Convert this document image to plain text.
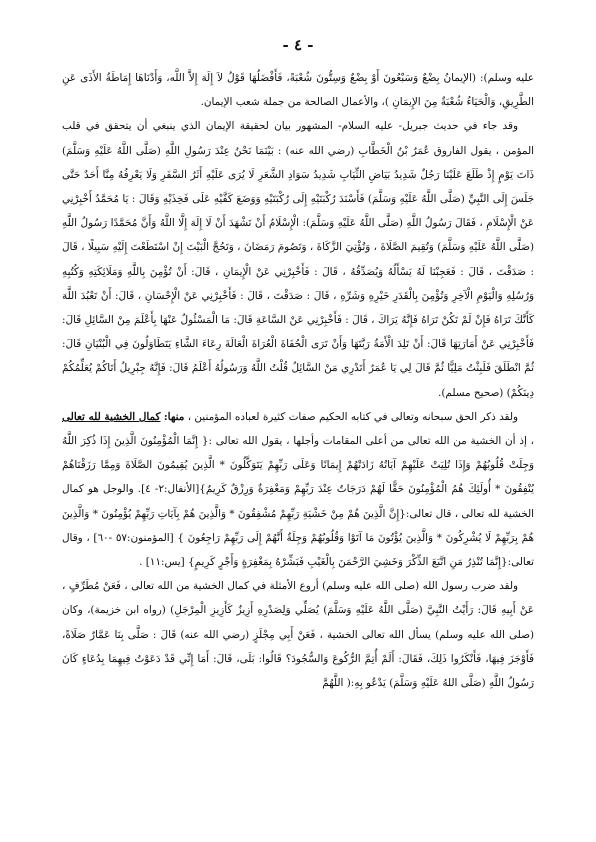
- ٤ -

عليه وسلم): (الإيمانُ بِضْعٌ وَسَبْعُونَ أَوْ بِضْعٌ وَسِتُّونَ شُعْبَةً، فَأَفْضَلُهَا قَوْلُ لاَ إِلَهَ إِلاَّ اللَّه، وَأَدْنَاهَا إِمَاطَةُ الأَذَى عَنِ الطَّرِيقِ، وَالْحَيَاءُ شُعْبَةٌ مِنَ الإِيمَانِ )، والأعمال الصالحة من جملة شعب الإيمان.

وقد جاء في حديث جبريل- عليه السلام- المشهور بيان لحقيقة الإيمان الذي ينبغي أن يتحقق في قلب المؤمن ، يقول الفاروق عُمَرُ بْنُ الْخَطَّابِ (رضي الله عنه) : بَيْنَمَا نَحْنُ عِنْدَ رَسُولِ اللَّهِ (صَلَّى اللَّهُ عَلَيْهِ وَسَلَّمَ) ذَاتَ يَوْمٍ إِذْ طَلَعَ عَلَيْنَا رَجُلٌ شَدِيدُ بَيَاضِ الثِّيَابِ شَدِيدُ سَوَادِ الشَّعَرِ لَا يُرَى عَلَيْهِ أَثَرُ السَّفَرِ وَلَا يَعْرِفُهُ مِنَّا أَحَدٌ حَتَّى جَلَسَ إِلَى النَّبِيِّ (صَلَّى اللَّهُ عَلَيْهِ وَسَلَّمَ) فَأَسْنَدَ رُكْبَتَيْهِ إِلَى رُكْبَتَيْهِ وَوَضَعَ كَفَّيْهِ عَلَى فَخِذَيْهِ وَقَالَ : يَا مُحَمَّدُ أَخْبِرْنِي عَنْ الْإِسْلَامِ ، فَقَالَ رَسُولُ اللَّهِ (صَلَّى اللَّهُ عَلَيْهِ وَسَلَّمَ): الْإِسْلَامُ أَنْ تَشْهَدَ أَنْ لَا إِلَهَ إِلَّا اللَّهُ وَأَنَّ مُحَمَّدًا رَسُولُ اللَّهِ (صَلَّى اللَّهُ عَلَيْهِ وَسَلَّمَ) وَتُقِيمَ الصَّلَاةَ ، وَتُؤْتِيَ الزَّكَاةَ ، وَتَصُومَ رَمَضَانَ ، وَتَحُجَّ الْبَيْتَ إِنْ اسْتَطَعْتَ إِلَيْهِ سَبِيلًا ، قَالَ : صَدَقْتَ ، قَالَ : فَعَجِبْنَا لَهُ يَسْأَلُهُ وَيُصَدِّقُهُ ، قَالَ : فَأَخْبِرْنِي عَنْ الْإِيمَانِ ، قَالَ: أَنْ تُؤْمِنَ بِاللَّهِ وَمَلَائِكَتِهِ وَكُتُبِهِ وَرُسُلِهِ وَالْيَوْمِ الْآخِرِ وَتُؤْمِنَ بِالْقَدَرِ خَيْرِهِ وَشَرِّهِ ، قَالَ : صَدَقْتَ ، قَالَ : فَأَخْبِرْنِي عَنْ الْإِحْسَانِ ، قَالَ: أَنْ تَعْبُدَ اللَّهَ كَأَنَّكَ تَرَاهُ فَإِنْ لَمْ تَكُنْ تَرَاهُ فَإِنَّهُ يَرَاكَ ، قَالَ : فَأَخْبِرْنِي عَنْ السَّاعَةِ قَالَ: مَا الْمَسْئُولُ عَنْهَا بِأَعْلَمَ مِنْ السَّائِلِ قَالَ: فَأَخْبِرْنِي عَنْ أَمَارَتِهَا قَالَ: أَنْ تَلِدَ الْأَمَةُ رَبَّتَهَا وَأَنْ تَرَى الْحُفَاةَ الْعُرَاةَ الْعَالَةَ رِعَاءَ الشَّاءِ يَتَطَاوَلُونَ فِي الْبُنْيَانِ قَالَ: ثُمَّ انْطَلَقَ فَلَبِثْتُ مَلِيًّا ثُمَّ قَالَ لِي يَا عُمَرُ أَتَدْرِي مَنْ السَّائِلُ قُلْتُ اللَّهُ وَرَسُولُهُ أَعْلَمُ قَالَ: فَإِنَّهُ جِبْرِيلُ أَتَاكُمْ يُعَلِّمُكُمْ دِينَكُمْ) (صحيح مسلم).

ولقد ذكر الحق سبحانه وتعالى في كتابه الحكيم صفات كثيرة لعباده المؤمنين ، منها: كمال الخشية لله تعالى ، إذ أن الخشية من الله تعالى من أعلى المقامات وأجلها ، يقول الله تعالى :{ إِنَّمَا الْمُؤْمِنُونَ الَّذِينَ إِذَا ذُكِرَ اللَّهُ وَجِلَتْ قُلُوبُهُمْ وَإِذَا تُلِيَتْ عَلَيْهِمْ آيَاتُهُ زَادَتْهُمْ إِيمَانًا وَعَلَى رَبِّهِمْ يَتَوَكَّلُونَ * الَّذِينَ يُقِيمُونَ الصَّلَاةَ وَمِمَّا رَزَقْنَاهُمْ يُنْفِقُونَ * أُولَئِكَ هُمُ الْمُؤْمِنُونَ حَقًّا لَهُمْ دَرَجَاتٌ عِنْدَ رَبِّهِمْ وَمَغْفِرَةٌ وَرِزْقٌ كَرِيمٌ}[الأنفال:٢- ٤]. والوجل هو كمال الخشية لله تعالى ، قال تعالى:{إِنَّ الَّذِينَ هُمْ مِنْ خَشْيَةِ رَبِّهِمْ مُشْفِقُونَ * وَالَّذِينَ هُمْ بِآيَاتِ رَبِّهِمْ يُؤْمِنُونَ * وَالَّذِينَ هُمْ بِرَبِّهِمْ لَا يُشْرِكُونَ * وَالَّذِينَ يُؤْتُونَ مَا آتَوْا وَقُلُوبُهُمْ وَجِلَةٌ أَنَّهُمْ إِلَى رَبِّهِمْ رَاجِعُونَ } [المؤمنون:٥٧ -٦٠] ، وقال تعالى:{إِنَّمَا تُنْذِرُ مَنِ اتَّبَعَ الذِّكْرَ وَخَشِيَ الرَّحْمَنَ بِالْغَيْبِ فَبَشِّرْهُ بِمَغْفِرَةٍ وَأَجْرٍ كَرِيمٍ} [يس:١١] .

ولقد ضرب رسول الله (صلى الله عليه وسلم) أروع الأمثلة في كمال الخشية من الله تعالى ، فَعَنْ مُطَرِّفٍ ، عَنْ أَبِيهِ قَالَ: رَأَيْتُ النَّبِيَّ (صَلَّى اللَّهُ عَلَيْهِ وَسَلَّمَ) يُصَلِّي وَلِصَدْرِهِ أَزِيزٌ كَأَزِيزِ الْمِرْجَلِ) (رواه ابن خزيمة)، وكان (صلى الله عليه وسلم) يسأل الله تعالى الخشية ، فَعَنْ أَبِي مِجْلَزٍ (رضي الله عنه) قَالَ : صَلَّى بِنَا عَمَّارٌ صَلَاةً، فَأَوْجَزَ فِيهَا، فَأَنْكَرُوا ذَلِكَ، فَقَالَ: أَلَمْ أُتِمَّ الرُّكُوعَ وَالسُّجُودَ؟ قَالُوا: بَلَى، قَالَ: أَمَا إِنِّي قَدْ دَعَوْتُ فِيهِمَا بِدُعَاءٍ كَانَ رَسُولُ اللَّهِ (صَلَّى اللهُ عَلَيْهِ وَسَلَّمَ) يَدْعُو بِهِ:( اللَّهُمَّ
